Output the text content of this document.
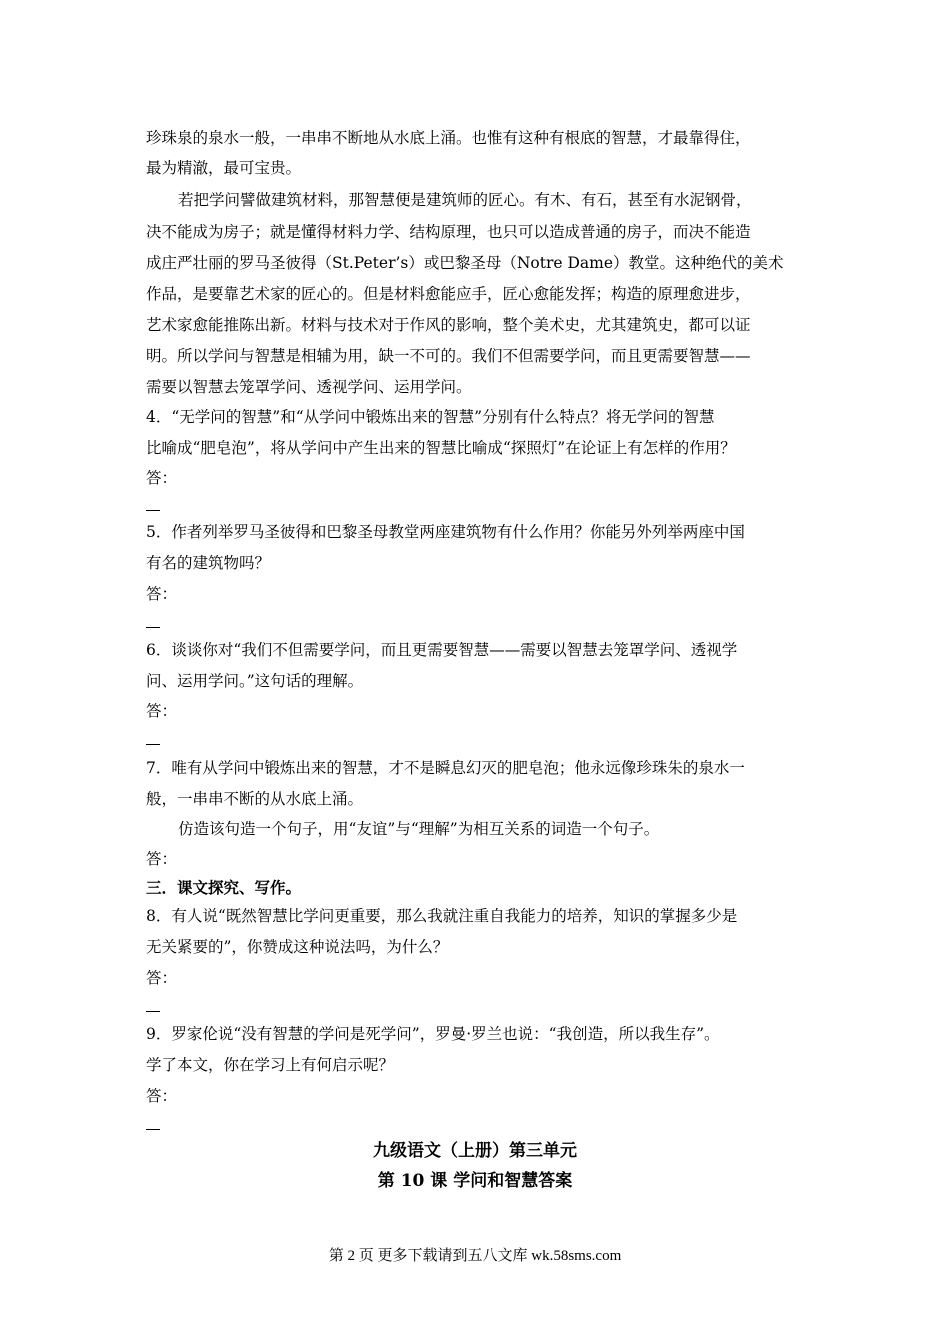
珍珠泉的泉水一般，一串串不断地从水底上涌。也惟有这种有根底的智慧，才最靠得住，
最为精澈，最可宝贵。
若把学问譬做建筑材料，那智慧便是建筑师的匠心。有木、有石，甚至有水泥钢骨，
决不能成为房子；就是懂得材料力学、结构原理，也只可以造成普通的房子，而决不能造
成庄严壮丽的罗马圣彼得（St.Peter’s）或巴黎圣母（Notre Dame）教堂。这种绝代的美术
作品，是要靠艺术家的匠心的。但是材料愈能应手，匠心愈能发挥；构造的原理愈进步，
艺术家愈能推陈出新。材料与技术对于作风的影响，整个美术史，尤其建筑史，都可以证
明。所以学问与智慧是相辅为用，缺一不可的。我们不但需要学问，而且更需要智慧——
需要以智慧去笼罩学问、透视学问、运用学问。
4．“无学问的智慧”和“从学问中锻炼出来的智慧”分别有什么特点？将无学问的智慧
比喻成“肥皂泡”，将从学问中产生出来的智慧比喻成“探照灯”在论证上有怎样的作用？
答：
5．作者列举罗马圣彼得和巴黎圣母教堂两座建筑物有什么作用？你能另外列举两座中国
有名的建筑物吗？
答：
6．谈谈你对“我们不但需要学问，而且更需要智慧——需要以智慧去笼罩学问、透视学
问、运用学问。”这句话的理解。
答：
7．唯有从学问中锻炼出来的智慧，才不是瞬息幻灭的肥皂泡；他永远像珍珠朱的泉水一
般，一串串不断的从水底上涌。
仿造该句造一个句子，用“友谊”与“理解”为相互关系的词造一个句子。
答：
三．课文探究、写作。
8．有人说“既然智慧比学问更重要，那么我就注重自我能力的培养，知识的掌握多少是
无关紧要的”，你赞成这种说法吗，为什么？
答：
9．罗家伦说“没有智慧的学问是死学问”，罗曼·罗兰也说：“我创造，所以我生存”。
学了本文，你在学习上有何启示呢？
答：
九级语文（上册）第三单元
第 10 课 学问和智慧答案
第 2 页 更多下载请到五八文库 wk.58sms.com
